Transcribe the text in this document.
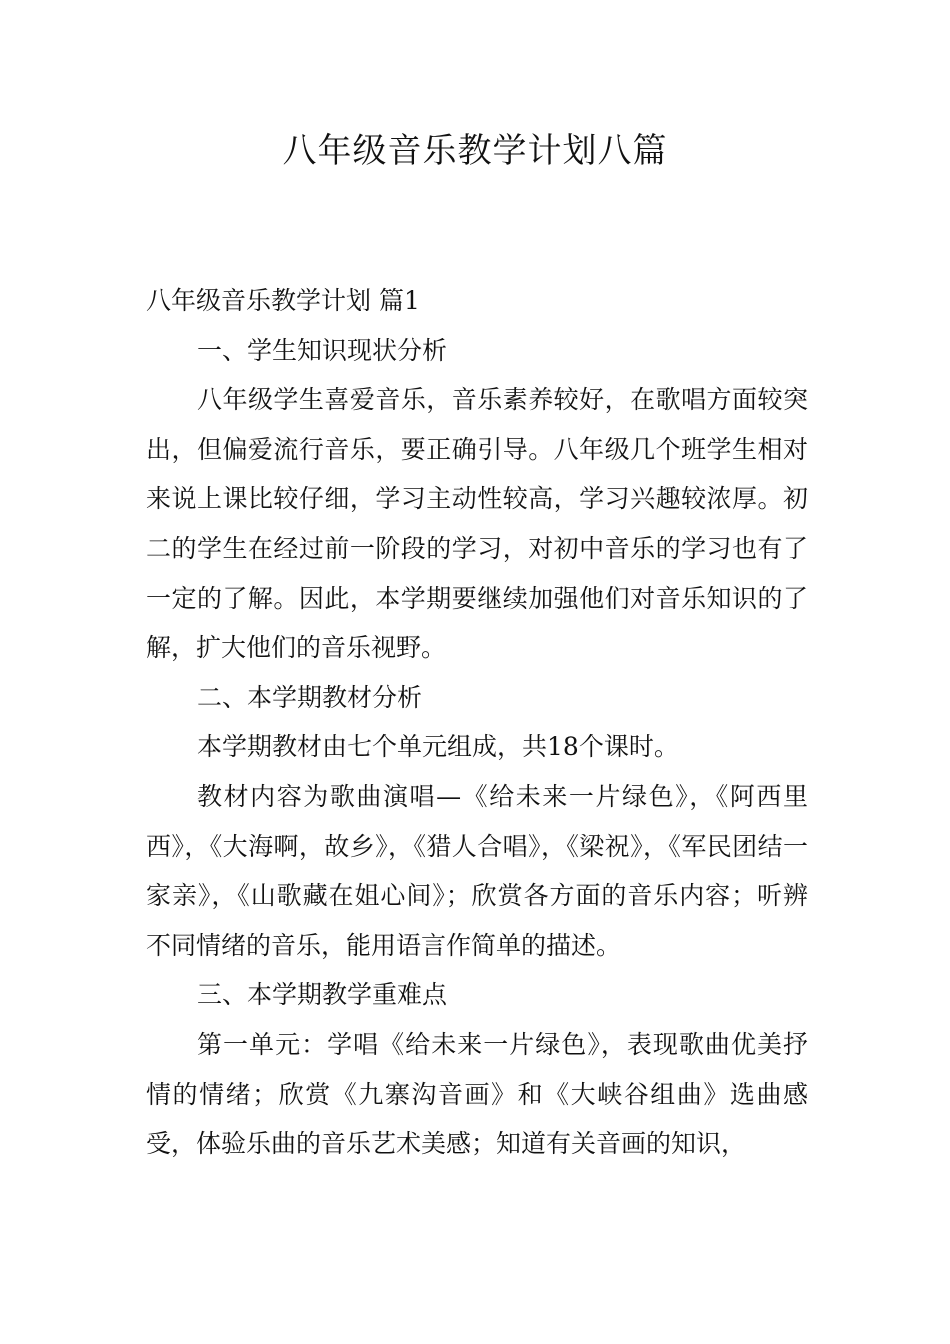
八年级音乐教学计划八篇

八年级音乐教学计划 篇1

一、学生知识现状分析

八年级学生喜爱音乐，音乐素养较好，在歌唱方面较突出，但偏爱流行音乐，要正确引导。八年级几个班学生相对来说上课比较仔细，学习主动性较高，学习兴趣较浓厚。初二的学生在经过前一阶段的学习，对初中音乐的学习也有了一定的了解。因此，本学期要继续加强他们对音乐知识的了解，扩大他们的音乐视野。

二、本学期教材分析

本学期教材由七个单元组成，共18个课时。

教材内容为歌曲演唱—《给未来一片绿色》，《阿西里西》，《大海啊，故乡》，《猎人合唱》，《梁祝》，《军民团结一家亲》，《山歌藏在姐心间》；欣赏各方面的音乐内容；听辨不同情绪的音乐，能用语言作简单的描述。

三、本学期教学重难点

第一单元：学唱《给未来一片绿色》，表现歌曲优美抒情的情绪；欣赏《九寨沟音画》和《大峡谷组曲》选曲感受，体验乐曲的音乐艺术美感；知道有关音画的知识，
